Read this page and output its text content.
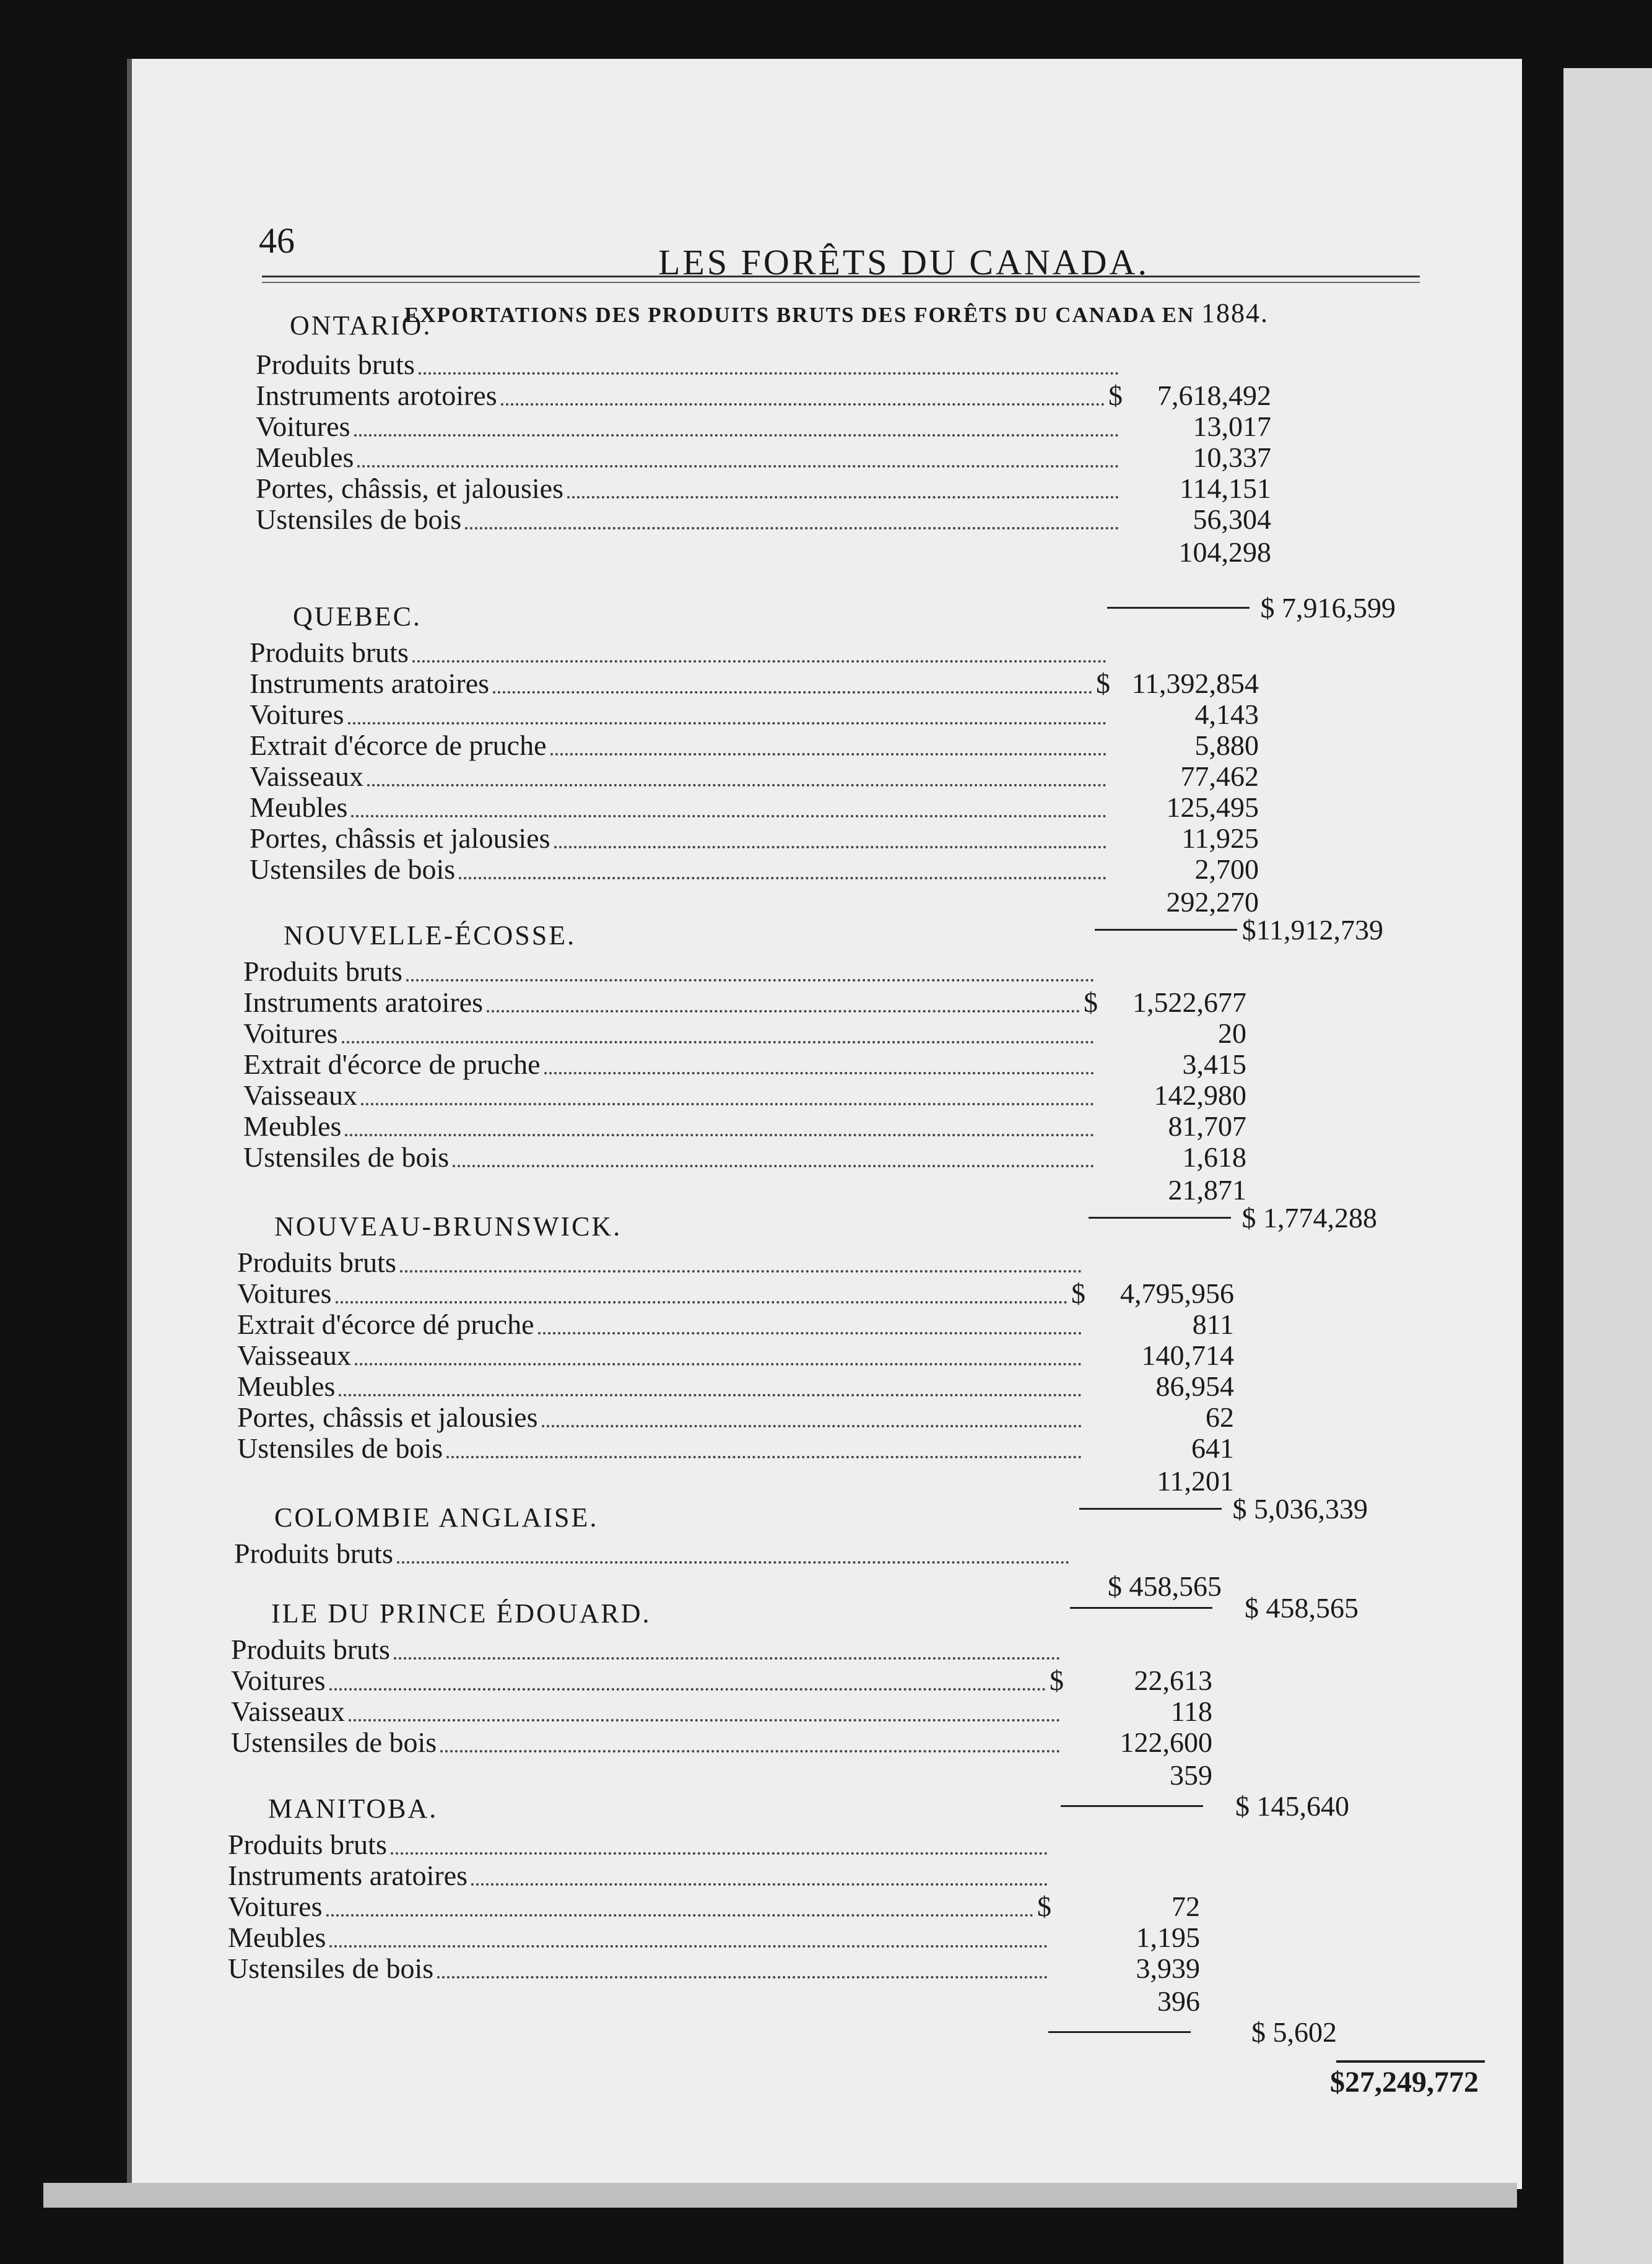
46
LES FORÊTS DU CANADA.
EXPORTATIONS DES PRODUITS BRUTS DES FORÊTS DU CANADA EN 1884.
ONTARIO.
Produits bruts
Instruments arotoires	$	7,618,492
Voitures	13,017
Meubles	10,337
Portes, châssis, et jalousies	114,151
Ustensiles de bois	56,304
104,298
$ 7,916,599
QUEBEC.
Produits bruts
Instruments aratoires	$ 11,392,854
Voitures	4,143
Extrait d'écorce de pruche	5,880
Vaisseaux	77,462
Meubles	125,495
Portes, châssis et jalousies	11,925
Ustensiles de bois	2,700
292,270
$11,912,739
NOUVELLE-ÉCOSSE.
Produits bruts
Instruments aratoires	$	1,522,677
Voitures	20
Extrait d'écorce de pruche	3,415
Vaisseaux	142,980
Meubles	81,707
Ustensiles de bois	1,618
21,871
$ 1,774,288
NOUVEAU-BRUNSWICK.
Produits bruts
Voitures	$	4,795,956
Extrait d'écorce dé pruche	811
Vaisseaux	140,714
Meubles	86,954
Portes, châssis et jalousies	62
Ustensiles de bois	641
11,201
$ 5,036,339
COLOMBIE ANGLAISE.
Produits bruts
$ 458,565
$ 458,565
ILE DU PRINCE ÉDOUARD.
Produits bruts
Voitures	$	22,613
Vaisseaux	118
Ustensiles de bois	122,600
359
$ 145,640
MANITOBA.
Produits bruts
Instruments aratoires
Voitures	$	72
Meubles	1,195
Ustensiles de bois	3,939
396
$ 5,602
$27,249,772
